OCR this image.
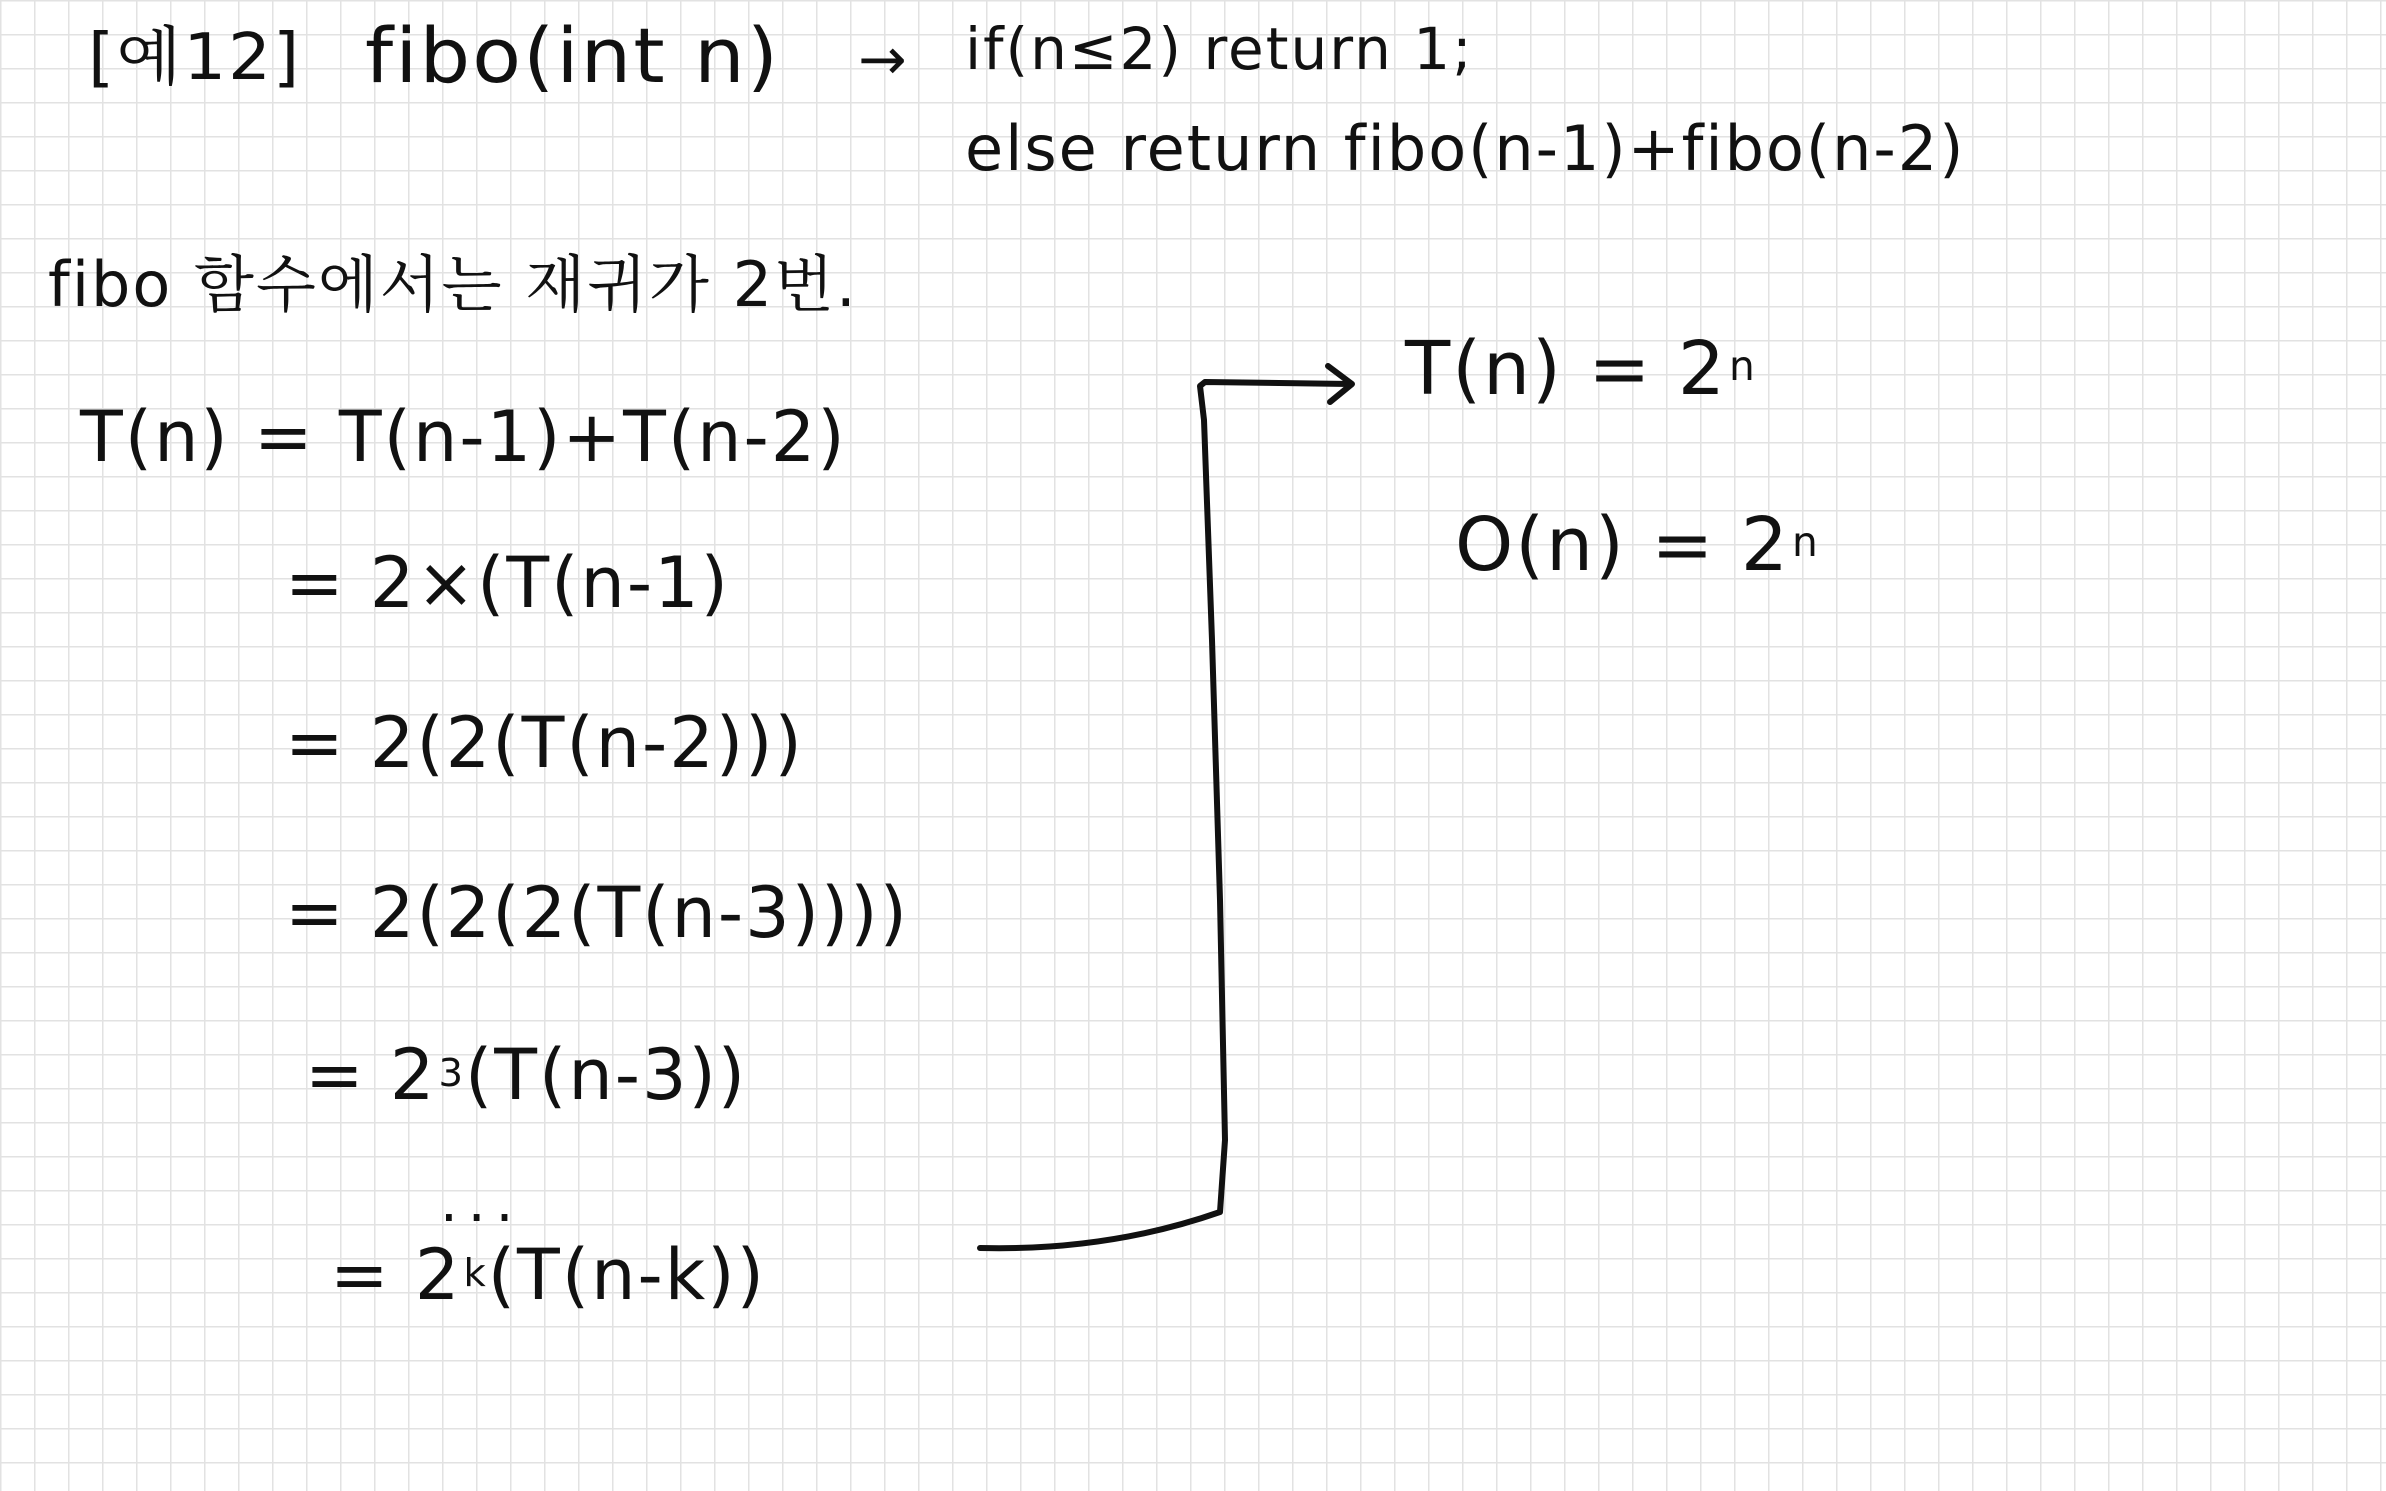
[예12] fibo(int n) → if(n≤2) return 1;
else return fibo(n-1)+fibo(n-2)
fibo 함수에서는 재귀가 2번.
T(n) = T(n-1)+T(n-2)
= 2×(T(n-1)
= 2(2(T(n-2)))
= 2(2(2(T(n-3))))
= $2^3(T(n-3))$
...
= $2^k(T(n-k))$
$T(n) = 2^n$
$O(n) = 2^n$
